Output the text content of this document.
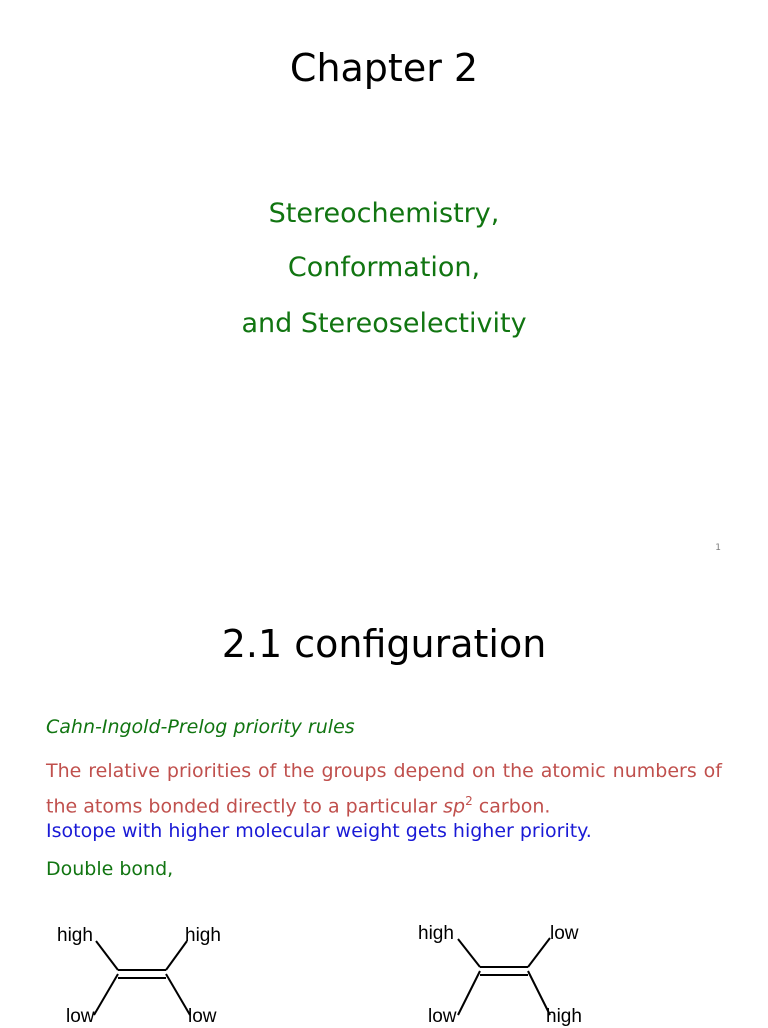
Chapter 2
Stereochemistry,
Conformation,
and Stereoselectivity
1
2.1 configuration
Cahn-Ingold-Prelog priority rules
The relative priorities of the groups depend on the atomic numbers of the atoms bonded directly to a particular $sp^2$ carbon.
Isotope with higher molecular weight gets higher priority.
Double bond,
high	high
low	low
high	low
low	high
